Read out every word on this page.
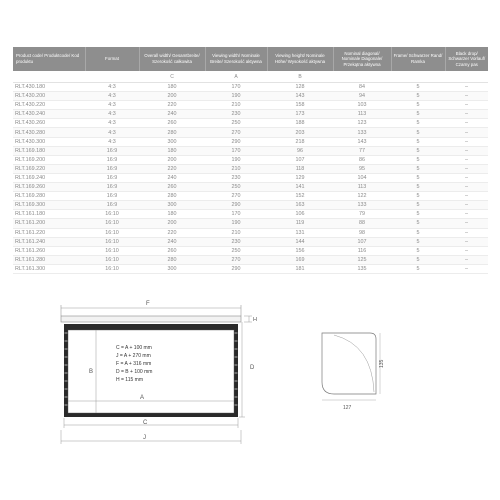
Product code/ Produktcode/ Kod produktu	Format	Overall width/ Gesamtbreite/ Szerokość całkowita	Viewing width/ Nominale Breite/ Szerokość aktywna	Viewing height/ Nominale Höhe/ Wysokość aktywna	Nominal diagonal/ Nominale Diagonale/ Przekątna aktywna	Frame/ Schwarzer Rand/ Ramka	Black drop/ Schwarzer Vorlauf/ Czarny pas
		C	A	B			
RLT.430.180	4:3	180	170	128	84	5	–
RLT.430.200	4:3	200	190	143	94	5	–
RLT.430.220	4:3	220	210	158	103	5	–
RLT.430.240	4:3	240	230	173	113	5	–
RLT.430.260	4:3	260	250	188	123	5	–
RLT.430.280	4:3	280	270	203	133	5	–
RLT.430.300	4:3	300	290	218	143	5	–
RLT.169.180	16:9	180	170	96	77	5	–
RLT.169.200	16:9	200	190	107	86	5	–
RLT.169.220	16:9	220	210	118	95	5	–
RLT.169.240	16:9	240	230	129	104	5	–
RLT.169.260	16:9	260	250	141	113	5	–
RLT.169.280	16:9	280	270	152	122	5	–
RLT.169.300	16:9	300	290	163	133	5	–
RLT.161.180	16:10	180	170	106	79	5	–
RLT.161.200	16:10	200	190	119	88	5	–
RLT.161.220	16:10	220	210	131	98	5	–
RLT.161.240	16:10	240	230	144	107	5	–
RLT.161.260	16:10	260	250	156	116	5	–
RLT.161.280	16:10	280	270	169	125	5	–
RLT.161.300	16:10	300	290	181	135	5	–
F
H
A
B
D
C
J
C = A + 100 mm
J = A + 270 mm
F = A + 316 mm
D = B + 100 mm
H = 115 mm
135
127
